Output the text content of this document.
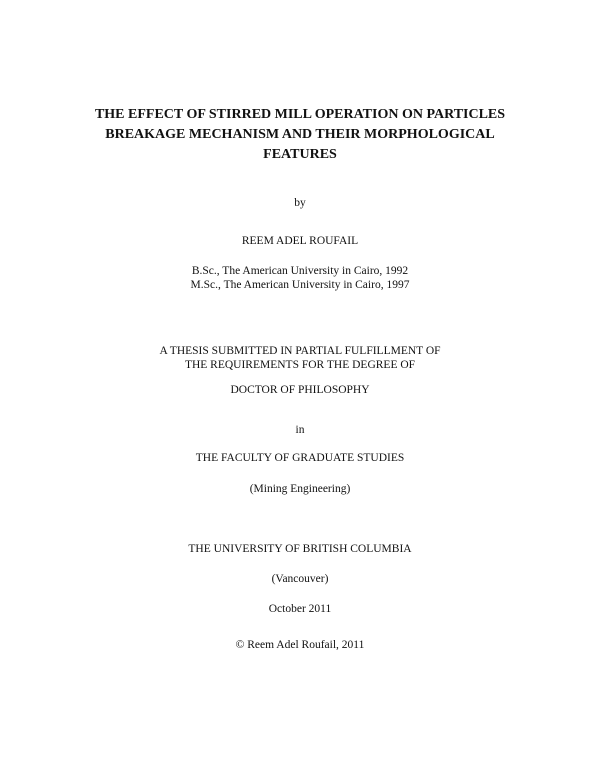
THE EFFECT OF STIRRED MILL OPERATION ON PARTICLES
BREAKAGE MECHANISM AND THEIR MORPHOLOGICAL
FEATURES
by
REEM ADEL ROUFAIL
B.Sc., The American University in Cairo, 1992
M.Sc., The American University in Cairo, 1997
A THESIS SUBMITTED IN PARTIAL FULFILLMENT OF
THE REQUIREMENTS FOR THE DEGREE OF
DOCTOR OF PHILOSOPHY
in
THE FACULTY OF GRADUATE STUDIES
(Mining Engineering)
THE UNIVERSITY OF BRITISH COLUMBIA
(Vancouver)
October 2011
© Reem Adel Roufail, 2011
